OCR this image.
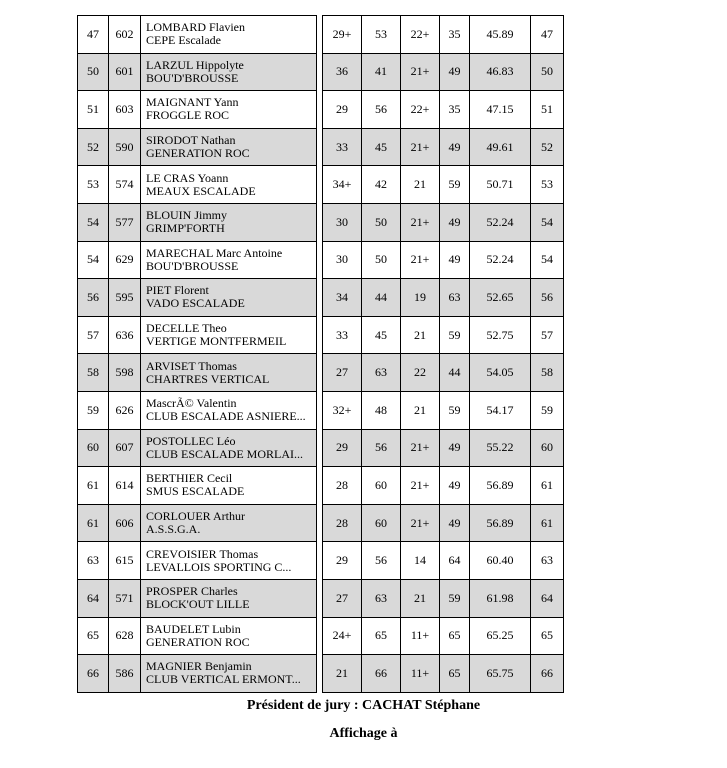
47	602	LOMBARD Flavien
CEPE Escalade		29+	53	22+	35	45.89	47
50	601	LARZUL Hippolyte
BOU'D'BROUSSE		36	41	21+	49	46.83	50
51	603	MAIGNANT Yann
FROGGLE ROC		29	56	22+	35	47.15	51
52	590	SIRODOT Nathan
GENERATION ROC		33	45	21+	49	49.61	52
53	574	LE CRAS Yoann
MEAUX ESCALADE		34+	42	21	59	50.71	53
54	577	BLOUIN Jimmy
GRIMP'FORTH		30	50	21+	49	52.24	54
54	629	MARECHAL Marc Antoine
BOU'D'BROUSSE		30	50	21+	49	52.24	54
56	595	PIET Florent
VADO ESCALADE		34	44	19	63	52.65	56
57	636	DECELLE Theo
VERTIGE MONTFERMEIL		33	45	21	59	52.75	57
58	598	ARVISET Thomas
CHARTRES VERTICAL		27	63	22	44	54.05	58
59	626	MascrÃ© Valentin
CLUB ESCALADE ASNIERE...		32+	48	21	59	54.17	59
60	607	POSTOLLEC Léo
CLUB ESCALADE MORLAI...		29	56	21+	49	55.22	60
61	614	BERTHIER Cecil
SMUS ESCALADE		28	60	21+	49	56.89	61
61	606	CORLOUER Arthur
A.S.S.G.A.		28	60	21+	49	56.89	61
63	615	CREVOISIER Thomas
LEVALLOIS SPORTING C...		29	56	14	64	60.40	63
64	571	PROSPER Charles
BLOCK'OUT LILLE		27	63	21	59	61.98	64
65	628	BAUDELET Lubin
GENERATION ROC		24+	65	11+	65	65.25	65
66	586	MAGNIER Benjamin
CLUB VERTICAL ERMONT...		21	66	11+	65	65.75	66
Président de jury : CACHAT Stéphane
Affichage à
